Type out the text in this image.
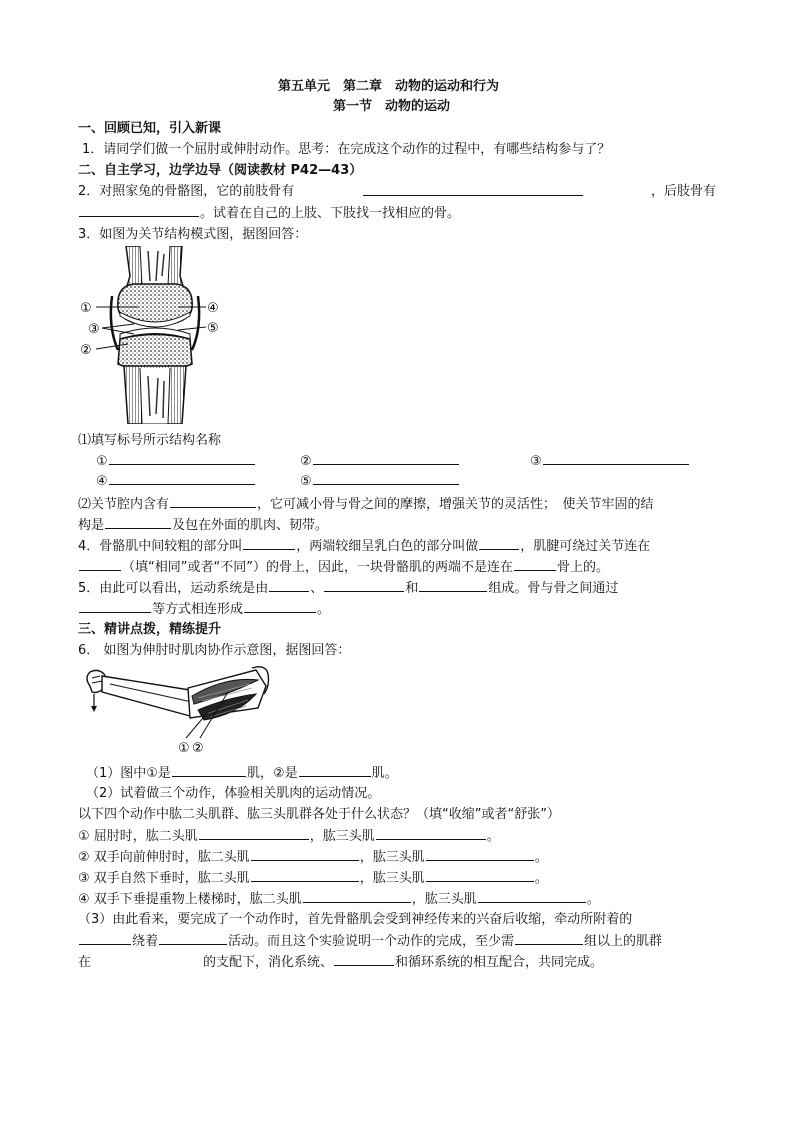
第五单元　第二章　动物的运动和行为
第一节　动物的运动
一、回顾已知，引入新课
1．请同学们做一个屈肘或伸肘动作。思考：在完成这个动作的过程中，有哪些结构参与了？
二、自主学习，边学边导（阅读教材 P42—43）
2．对照家兔的骨骼图，它的前肢骨有	，后肢骨有
。试着在自己的上肢、下肢找一找相应的骨。
3．如图为关节结构模式图，据图回答：
①
②
③
④
⑤
⑴填写标号所示结构名称
①	②	③
④	⑤
⑵关节腔内含有	，它可减小骨与骨之间的摩擦，增强关节的灵活性；　使关节牢固的结
构是	及包在外面的肌肉、韧带。
4．骨骼肌中间较粗的部分叫	，两端较细呈乳白色的部分叫做	，肌腱可绕过关节连在
（填“相同”或者“不同”）的骨上，因此，一块骨骼肌的两端不是连在	骨上的。
5．由此可以看出，运动系统是由	、	和	组成。骨与骨之间通过
等方式相连形成	。
三、精讲点拨，精练提升
6． 如图为伸肘时肌肉协作示意图，据图回答：
① ②
（1）图中①是	肌，②是	肌。
（2）试着做三个动作，体验相关肌肉的运动情况。
以下四个动作中肱二头肌群、肱三头肌群各处于什么状态？（填“收缩”或者“舒张”）
① 屈肘时，肱二头肌	，肱三头肌	。
② 双手向前伸肘时，肱二头肌	，肱三头肌	。
③ 双手自然下垂时，肱二头肌	，肱三头肌	。
④ 双手下垂提重物上楼梯时，肱二头肌	，肱三头肌	。
（3）由此看来，要完成了一个动作时，首先骨骼肌会受到神经传来的兴奋后收缩，牵动所附着的
绕着	活动。而且这个实验说明一个动作的完成，至少需	组以上的肌群
在	的支配下，消化系统、	和循环系统的相互配合，共同完成。
